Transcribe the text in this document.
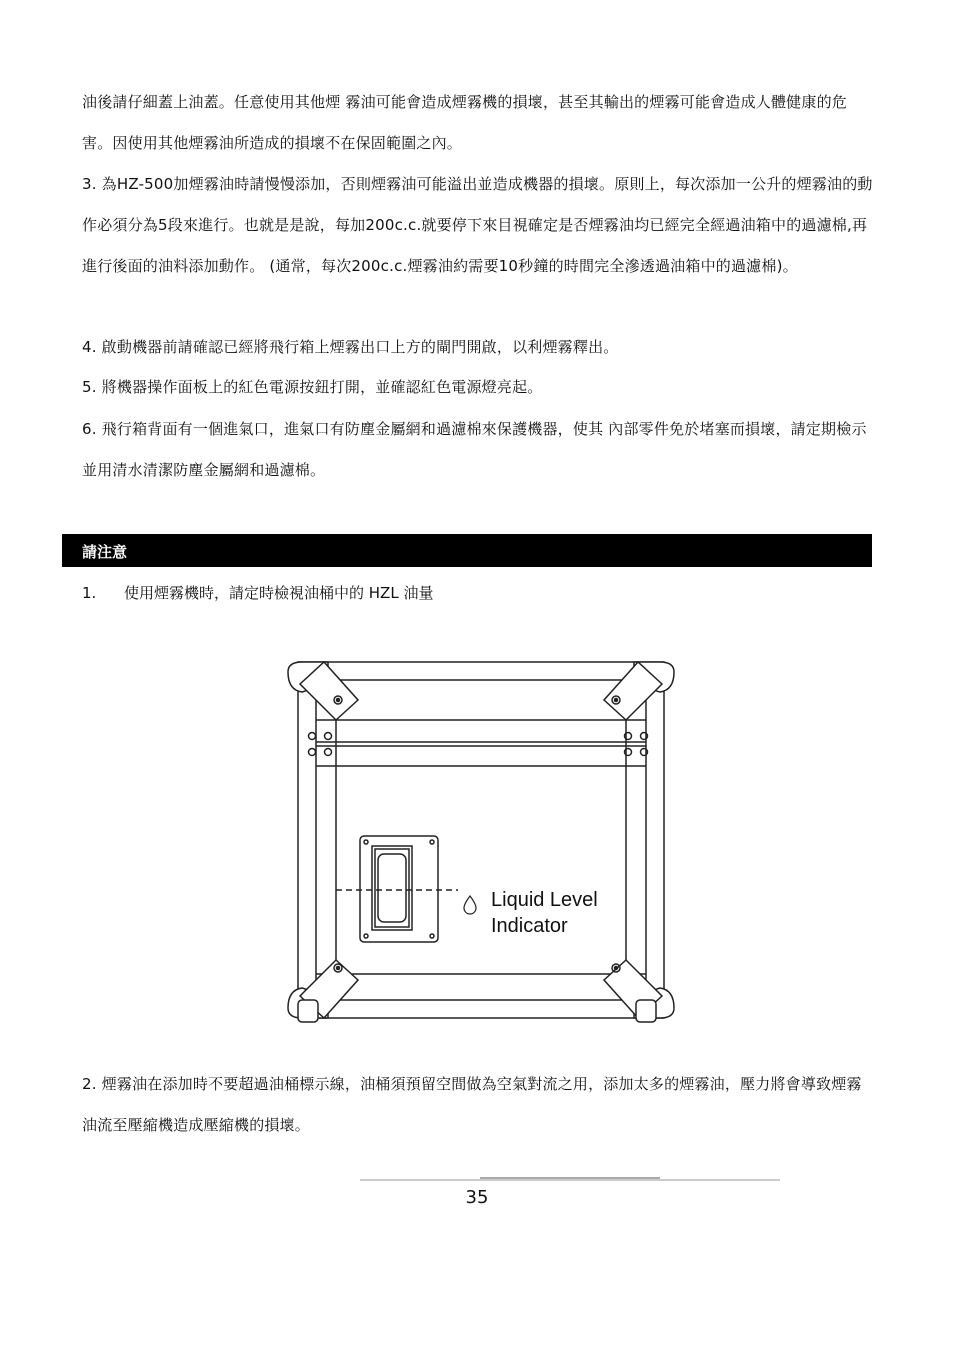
油後請仔細蓋上油蓋。任意使用其他煙 霧油可能會造成煙霧機的損壞，甚至其輸出的煙霧可能會造成人體健康的危害。因使用其他煙霧油所造成的損壞不在保固範圍之內。
3. 為HZ-500加煙霧油時請慢慢添加，否則煙霧油可能溢出並造成機器的損壞。原則上，每次添加一公升的煙霧油的動作必須分為5段來進行。也就是是說，每加200c.c.就要停下來目視確定是否煙霧油均已經完全經過油箱中的過濾棉,再進行後面的油料添加動作。 (通常，每次200c.c.煙霧油約需要10秒鐘的時間完全滲透過油箱中的過濾棉)。
4. 啟動機器前請確認已經將飛行箱上煙霧出口上方的閘門開啟，以利煙霧釋出。
5. 將機器操作面板上的紅色電源按鈕打開，並確認紅色電源燈亮起。
6. 飛行箱背面有一個進氣口，進氣口有防塵金屬網和過濾棉來保護機器，使其 內部零件免於堵塞而損壞，請定期檢示並用清水清潔防塵金屬網和過濾棉。
請注意
1. 使用煙霧機時，請定時檢視油桶中的 HZL 油量
Liquid Level
Indicator
2. 煙霧油在添加時不要超過油桶標示線，油桶須預留空間做為空氣對流之用，添加太多的煙霧油，壓力將會導致煙霧油流至壓縮機造成壓縮機的損壞。
35
